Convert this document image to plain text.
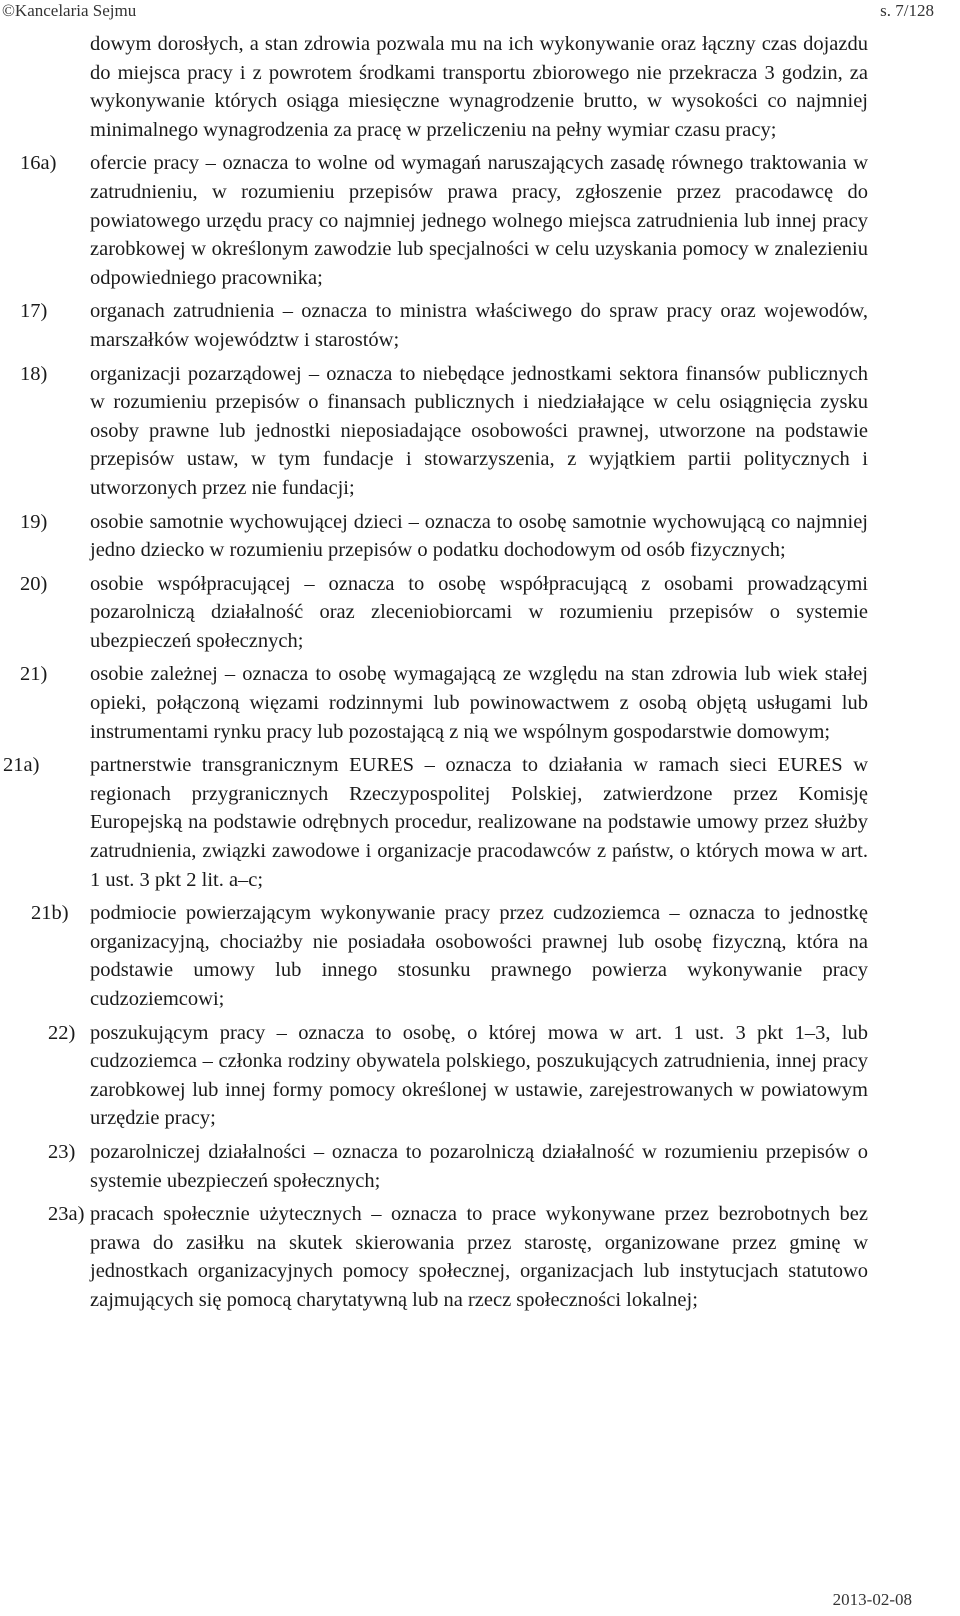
©Kancelaria Sejmu	s. 7/128
dowym dorosłych, a stan zdrowia pozwala mu na ich wykonywanie oraz łączny czas dojazdu do miejsca pracy i z powrotem środkami transportu zbiorowego nie przekracza 3 godzin, za wykonywanie których osiąga miesięczne wynagrodzenie brutto, w wysokości co najmniej minimalnego wynagrodzenia za pracę w przeliczeniu na pełny wymiar czasu pracy;
16a) ofercie pracy – oznacza to wolne od wymagań naruszających zasadę równego traktowania w zatrudnieniu, w rozumieniu przepisów prawa pracy, zgłoszenie przez pracodawcę do powiatowego urzędu pracy co najmniej jednego wolnego miejsca zatrudnienia lub innej pracy zarobkowej w określonym zawodzie lub specjalności w celu uzyskania pomocy w znalezieniu odpowiedniego pracownika;
17) organach zatrudnienia – oznacza to ministra właściwego do spraw pracy oraz wojewodów, marszałków województw i starostów;
18) organizacji pozarządowej – oznacza to niebędące jednostkami sektora finansów publicznych w rozumieniu przepisów o finansach publicznych i niedziałające w celu osiągnięcia zysku osoby prawne lub jednostki nieposiadające osobowości prawnej, utworzone na podstawie przepisów ustaw, w tym fundacje i stowarzyszenia, z wyjątkiem partii politycznych i utworzonych przez nie fundacji;
19) osobie samotnie wychowującej dzieci – oznacza to osobę samotnie wychowującą co najmniej jedno dziecko w rozumieniu przepisów o podatku dochodowym od osób fizycznych;
20) osobie współpracującej – oznacza to osobę współpracującą z osobami prowadzącymi pozarolniczą działalność oraz zleceniobiorcami w rozumieniu przepisów o systemie ubezpieczeń społecznych;
21) osobie zależnej – oznacza to osobę wymagającą ze względu na stan zdrowia lub wiek stałej opieki, połączoną więzami rodzinnymi lub powinowactwem z osobą objętą usługami lub instrumentami rynku pracy lub pozostającą z nią we wspólnym gospodarstwie domowym;
21a) partnerstwie transgranicznym EURES – oznacza to działania w ramach sieci EURES w regionach przygranicznych Rzeczypospolitej Polskiej, zatwierdzone przez Komisję Europejską na podstawie odrębnych procedur, realizowane na podstawie umowy przez służby zatrudnienia, związki zawodowe i organizacje pracodawców z państw, o których mowa w art. 1 ust. 3 pkt 2 lit. a–c;
21b) podmiocie powierzającym wykonywanie pracy przez cudzoziemca – oznacza to jednostkę organizacyjną, chociażby nie posiadała osobowości prawnej lub osobę fizyczną, która na podstawie umowy lub innego stosunku prawnego powierza wykonywanie pracy cudzoziemcowi;
22) poszukującym pracy – oznacza to osobę, o której mowa w art. 1 ust. 3 pkt 1–3, lub cudzoziemca – członka rodziny obywatela polskiego, poszukujących zatrudnienia, innej pracy zarobkowej lub innej formy pomocy określonej w ustawie, zarejestrowanych w powiatowym urzędzie pracy;
23) pozarolniczej działalności – oznacza to pozarolniczą działalność w rozumieniu przepisów o systemie ubezpieczeń społecznych;
23a) pracach społecznie użytecznych – oznacza to prace wykonywane przez bezrobotnych bez prawa do zasiłku na skutek skierowania przez starostę, organizowane przez gminę w jednostkach organizacyjnych pomocy społecznej, organizacjach lub instytucjach statutowo zajmujących się pomocą charytatywną lub na rzecz społeczności lokalnej;
2013-02-08
